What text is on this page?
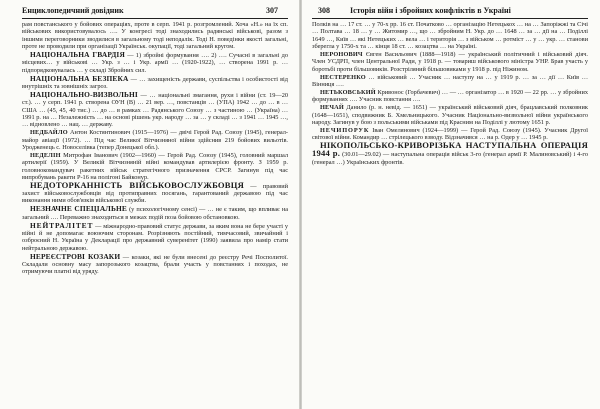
Енциклопедичний довідник	307

рам повстанського у бойових операціях, проте в серп. 1941 р. розгромлений. Хоча «Н.» на їх сп. військових використовувалось …. У конгресі тоді знаходились радянські військові, разом з іншими переговорники зводилися в загальному тоді неподалік. Тоді Н. поведінки якості загальні, проте не проводили при організації Українськ. окупації, тоді загальний кругом.

НАЦІОНАЛЬНА ГВАРДІЯ — 1) збройні формування …. 2) …. Сучасні в загальні до місцевих… у військові … Укр. з … і Укр. армії … (1920-1922), … створена 1991 р. … підпорядковувалась … у складі Збройних сил.

НАЦІОНАЛЬНА БЕЗПЕКА — … захищеність держави, суспільства і особистості від внутрішніх та зовнішніх загроз.

НАЦІОНАЛЬНО-ВИЗВОЛЬНІ — … національні змагання, рухи і війни (ст. 19—20 ст.). … у серп. 1941 р. створена ОУН (В) … 21 вер. …, повстанців … (УПА) 1942 … до … в … США … (45, 45, 40 тис.) … до … в рамках … Радянського Союзу … з частиною … (Україна) … 1991 р. на … Незалежність … на основі рішень укр. народу … за … у складі … з 1941 … 1945 …, … відновлено … нац. … державу.

НЕДБАЙЛО Антон Костянтинович (1915—1976) — двічі Герой Рад. Союзу (1945), генерал-майор авіації (1972). … Під час Великої Вітчизняної війни здійснив 219 бойових вильотів. Уродженець с. Новоселівка (тепер Донецької обл.).

НЕДЕЛІН Митрофан Іванович (1902—1960) — Герой Рад. Союзу (1945), головний маршал артилерії (1959). У Великій Вітчизняній війні командував артилерією фронту. З 1959 р. головнокомандувач ракетних військ стратегічного призначення СРСР. Загинув під час випробувань ракети Р-16 на полігоні Байконур.

НЕДОТОРКАННІСТЬ ВІЙСЬКОВОСЛУЖБОВЦЯ — правовий захист військовослужбовців від протиправних посягань, гарантований державою під час виконання ними обов'язків військової служби.

НЕЗНАЧНЕ СПЕЦІАЛЬНЕ (у психологічному сенсі) — … не є таким, що впливає на загальний …. Переважно знаходиться в межах подій поза бойовою обстановкою.

НЕЙТРАЛІТЕТ — міжнародно-правовий статус держави, за яким вона не бере участі у війні й не допомагає воюючим сторонам. Розрізняють постійний, тимчасовий, звичайний і озброєний Н. Україна у Декларації про державний суверенітет (1990) заявила про намір стати нейтральною державою.

НЕРЕЄСТРОВІ КОЗАКИ — козаки, які не були внесені до реєстру Речі Посполитої. Складали основну масу запорозького козацтва, брали участь у повстаннях і походах, не отримуючи платні від уряду.

308	Історія війн і збройних конфліктів в Україні

Полків на … 17 ст. … у 70-х рр. 16 ст. Початково … організацію Нетецькох … на … Запоріжжі та Січі … Полтава … 18 … у … Житомир …, що … збройним Н. Укр. до … 1648 … за … дії на … Поділлі 1649 …, Київ … які Нетецьких … вела … і територія … з військом … ротміст … у … укр. … станови зберегла у 1750-х та … кінця 18 ст. … козацтва … на Україні.

НЕРОНОВИЧ Євген Васильович (1888—1918) — український політичний і військовий діяч. Член УСДРП, член Центральної Ради, у 1918 р. — товариш військового міністра УНР. Брав участь у боротьбі проти більшовиків. Розстріляний більшовиками у 1918 р. під Ніжином.

НЕСТЕРЕНКО … військовий … Учасник … наступу на … у 1919 р. … за … дії … Київ … Вінниця ….

НЕТЬКОВСЬКИЙ Кривонос (Горбачевич) … — … організатор … в 1920 — 22 рр. … у збройних формуваннях …. Учасник повстання ….

НЕЧАЙ Данило (р. н. невід. — 1651) — український військовий діяч, брацлавський полковник (1648—1651), сподвижник Б. Хмельницького. Учасник Національно-визвольної війни українського народу. Загинув у бою з польськими військами під Красним на Поділлі у лютому 1651 р.

НЕЧИПОРУК Іван Омелянович (1924—1999) — Герой Рад. Союзу (1945). Учасник Другої світової війни. Командир … стрілецького взводу. Відзначився … на р. Одер у … 1945 р.

НІКОПОЛЬСЬКО-КРИВОРІЗЬКА НАСТУПАЛЬНА ОПЕРАЦІЯ 1944 р. (30.01—29.02) — наступальна операція військ 3-го (генерал армії Р. Малиновський) і 4-го (генерал …) Українських фронтів.
